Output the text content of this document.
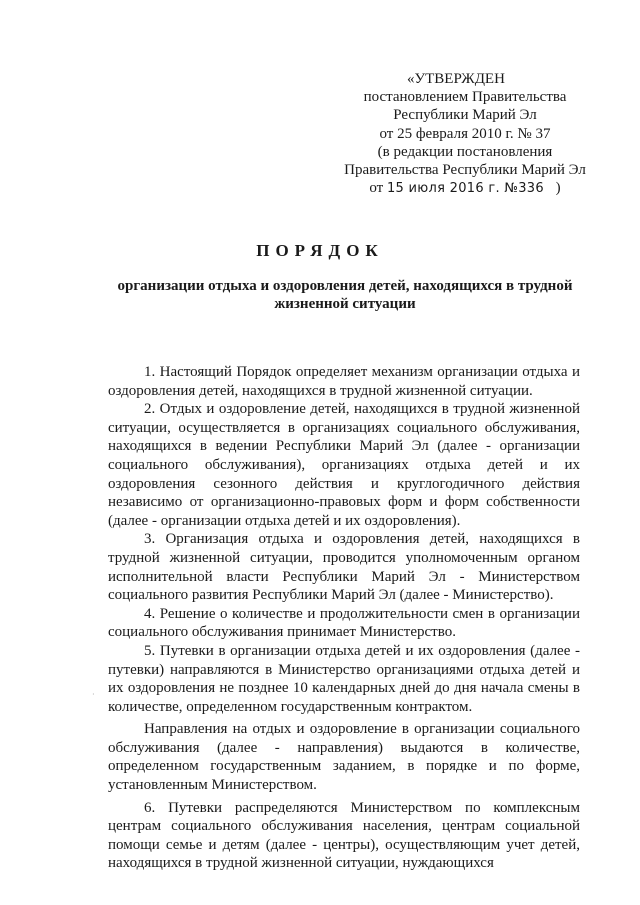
«УТВЕРЖДЕН
постановлением Правительства
Республики Марий Эл
от 25 февраля 2010 г. № 37
(в редакции постановления
Правительства Республики Марий Эл
от 15 июля 2016 г. №336 )
ПОРЯДОК
организации отдыха и оздоровления детей, находящихся в трудной
жизненной ситуации

1. Настоящий Порядок определяет механизм организации отдыха и оздоровления детей, находящихся в трудной жизненной ситуации.

2. Отдых и оздоровление детей, находящихся в трудной жизненной ситуации, осуществляется в организациях социального обслуживания, находящихся в ведении Республики Марий Эл (далее - организации социального обслуживания), организациях отдыха детей и их оздоровления сезонного действия и круглогодичного действия независимо от организационно-правовых форм и форм собственности (далее - организации отдыха детей и их оздоровления).

3. Организация отдыха и оздоровления детей, находящихся в трудной жизненной ситуации, проводится уполномоченным органом исполнительной власти Республики Марий Эл - Министерством социального развития Республики Марий Эл (далее - Министерство).

4. Решение о количестве и продолжительности смен в организации социального обслуживания принимает Министерство.

5. Путевки в организации отдыха детей и их оздоровления (далее - путевки) направляются в Министерство организациями отдыха детей и их оздоровления не позднее 10 календарных дней до дня начала смены в количестве, определенном государственным контрактом.

Направления на отдых и оздоровление в организации социального обслуживания (далее - направления) выдаются в количестве, определенном государственным заданием, в порядке и по форме, установленным Министерством.

6. Путевки распределяются Министерством по комплексным центрам социального обслуживания населения, центрам социальной помощи семье и детям (далее - центры), осуществляющим учет детей, находящихся в трудной жизненной ситуации, нуждающихся

·
